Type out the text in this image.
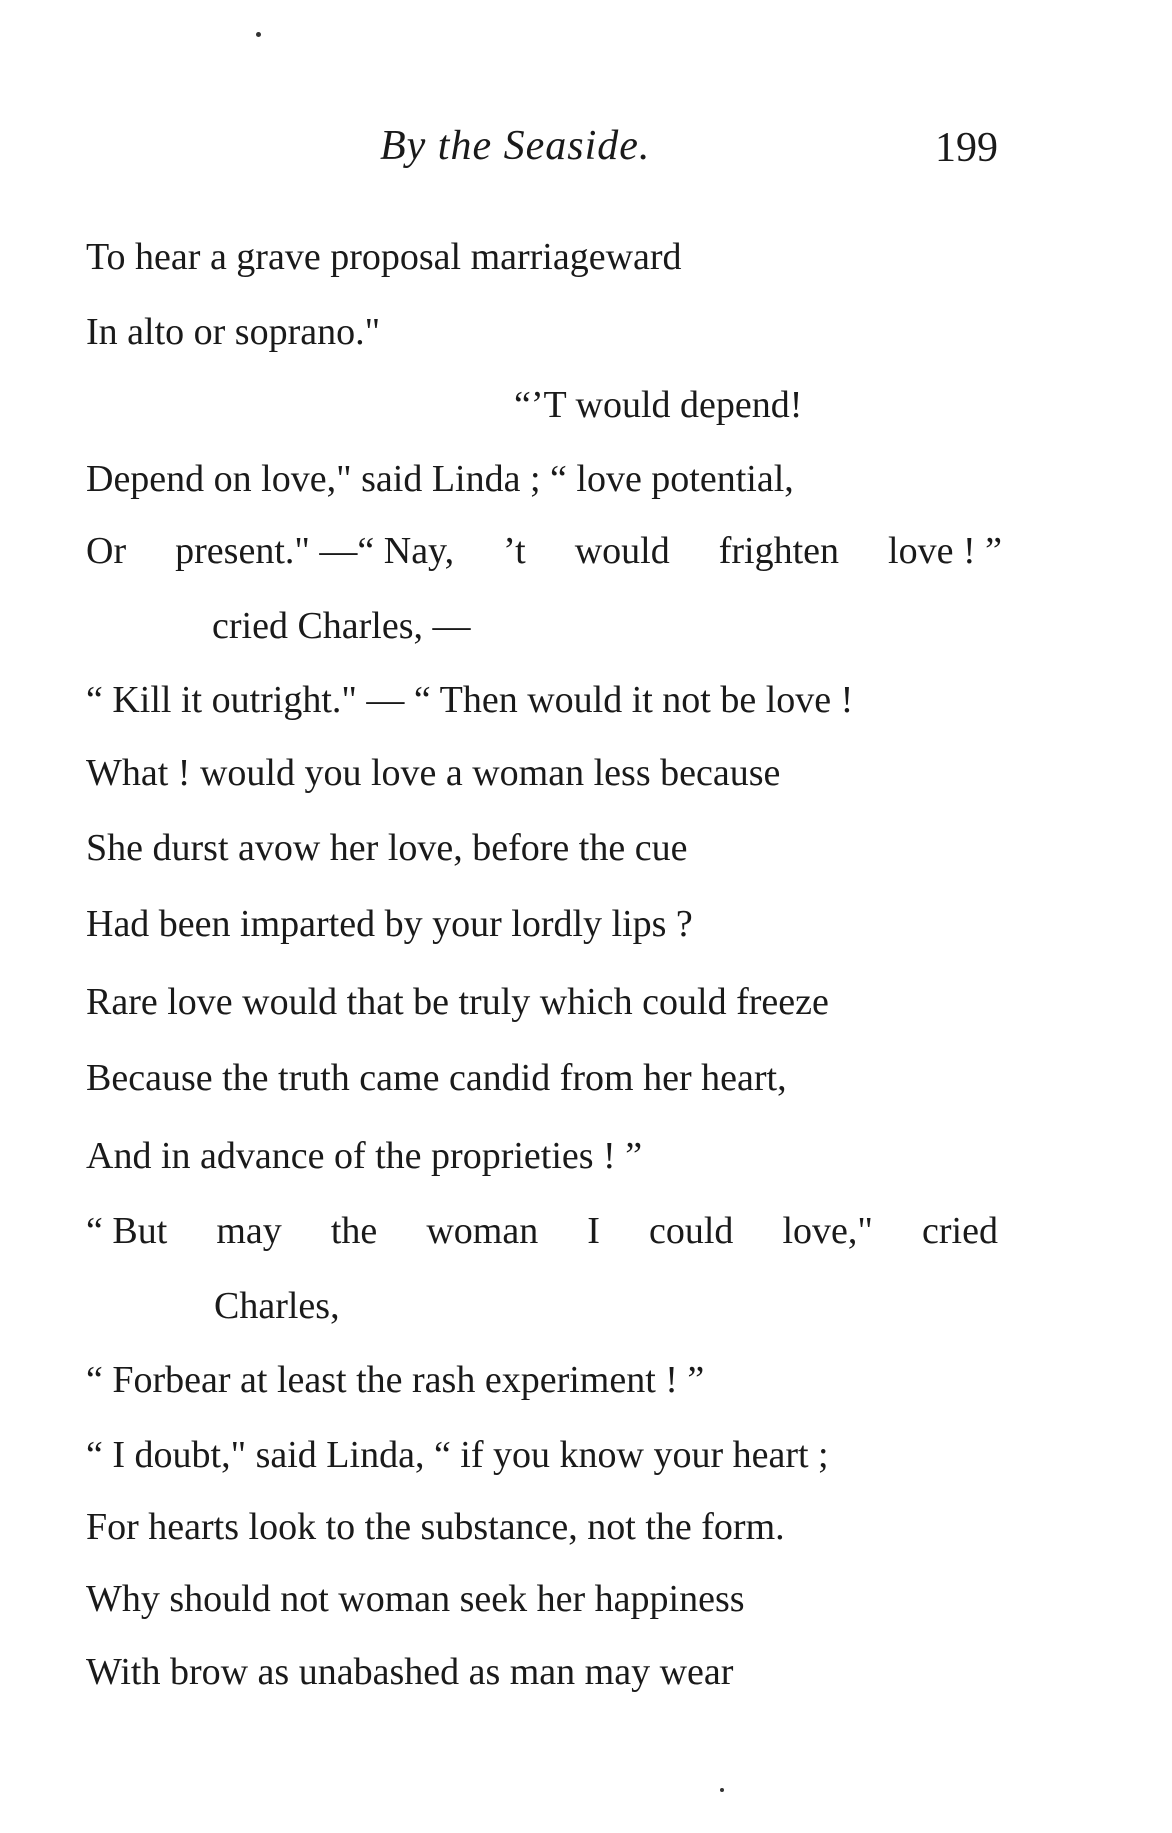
By the Seaside.	199
To hear a grave proposal marriageward
In alto or soprano."
“’T would depend!
Depend on love," said Linda ; “ love potential,
Or present." —“ Nay, ’t would frighten love ! ”
cried Charles, —
“ Kill it outright." — “ Then would it not be love !
What ! would you love a woman less because
She durst avow her love, before the cue
Had been imparted by your lordly lips ?
Rare love would that be truly which could freeze
Because the truth came candid from her heart,
And in advance of the proprieties ! ”
“ But may the woman I could love," cried
Charles,
“ Forbear at least the rash experiment ! ”
“ I doubt," said Linda, “ if you know your heart ;
For hearts look to the substance, not the form.
Why should not woman seek her happiness
With brow as unabashed as man may wear
